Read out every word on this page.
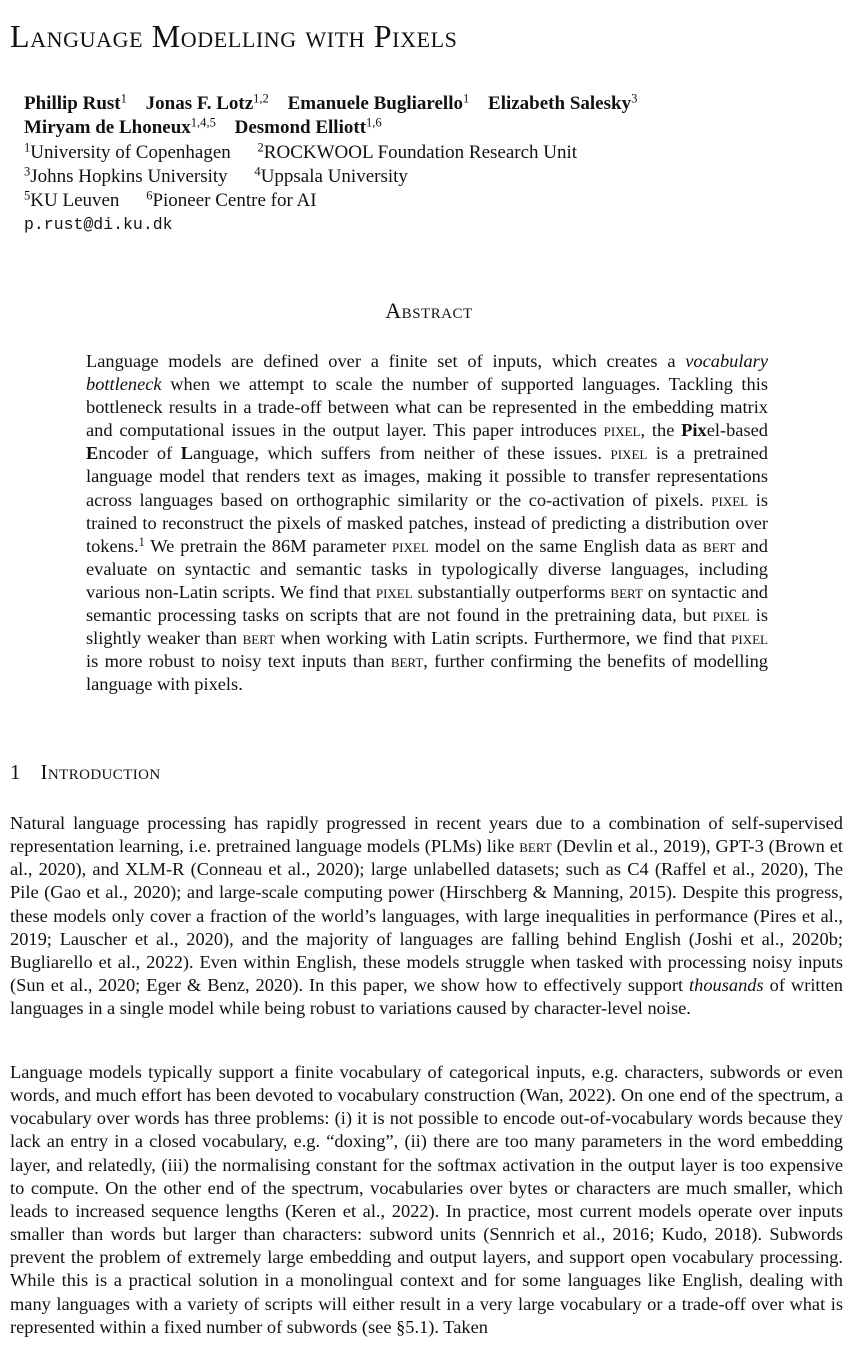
Language Modelling with Pixels
Phillip Rust$^1$ Jonas F. Lotz$^{1,2}$ Emanuele Bugliarello$^1$ Elizabeth Salesky$^3$
Miryam de Lhoneux$^{1,4,5}$ Desmond Elliott$^{1,6}$
$^1$University of Copenhagen $^2$ROCKWOOL Foundation Research Unit
$^3$Johns Hopkins University $^4$Uppsala University
$^5$KU Leuven $^6$Pioneer Centre for AI
p.rust@di.ku.dk
Abstract

Language models are defined over a finite set of inputs, which creates a vocabulary bottleneck when we attempt to scale the number of supported languages. Tackling this bottleneck results in a trade-off between what can be represented in the embedding matrix and computational issues in the output layer. This paper introduces pixel, the Pixel-based Encoder of Language, which suffers from neither of these issues. pixel is a pretrained language model that renders text as images, making it possible to transfer representations across languages based on orthographic similarity or the co-activation of pixels. pixel is trained to reconstruct the pixels of masked patches, instead of predicting a distribution over tokens.$^1$ We pretrain the 86M parameter pixel model on the same English data as bert and evaluate on syntactic and semantic tasks in typologically diverse languages, including various non-Latin scripts. We find that pixel substantially outperforms bert on syntactic and semantic processing tasks on scripts that are not found in the pretraining data, but pixel is slightly weaker than bert when working with Latin scripts. Furthermore, we find that pixel is more robust to noisy text inputs than bert, further confirming the benefits of modelling language with pixels.

1 Introduction

Natural language processing has rapidly progressed in recent years due to a combination of self-supervised representation learning, i.e. pretrained language models (PLMs) like bert (Devlin et al., 2019), GPT-3 (Brown et al., 2020), and XLM-R (Conneau et al., 2020); large unlabelled datasets; such as C4 (Raffel et al., 2020), The Pile (Gao et al., 2020); and large-scale computing power (Hirschberg & Manning, 2015). Despite this progress, these models only cover a fraction of the world’s languages, with large inequalities in performance (Pires et al., 2019; Lauscher et al., 2020), and the majority of languages are falling behind English (Joshi et al., 2020b; Bugliarello et al., 2022). Even within English, these models struggle when tasked with processing noisy inputs (Sun et al., 2020; Eger & Benz, 2020). In this paper, we show how to effectively support thousands of written languages in a single model while being robust to variations caused by character-level noise.

Language models typically support a finite vocabulary of categorical inputs, e.g. characters, subwords or even words, and much effort has been devoted to vocabulary construction (Wan, 2022). On one end of the spectrum, a vocabulary over words has three problems: (i) it is not possible to encode out-of-vocabulary words because they lack an entry in a closed vocabulary, e.g. “doxing”, (ii) there are too many parameters in the word embedding layer, and relatedly, (iii) the normalising constant for the softmax activation in the output layer is too expensive to compute. On the other end of the spectrum, vocabularies over bytes or characters are much smaller, which leads to increased sequence lengths (Keren et al., 2022). In practice, most current models operate over inputs smaller than words but larger than characters: subword units (Sennrich et al., 2016; Kudo, 2018). Subwords prevent the problem of extremely large embedding and output layers, and support open vocabulary processing. While this is a practical solution in a monolingual context and for some languages like English, dealing with many languages with a variety of scripts will either result in a very large vocabulary or a trade-off over what is represented within a fixed number of subwords (see §5.1). Taken
